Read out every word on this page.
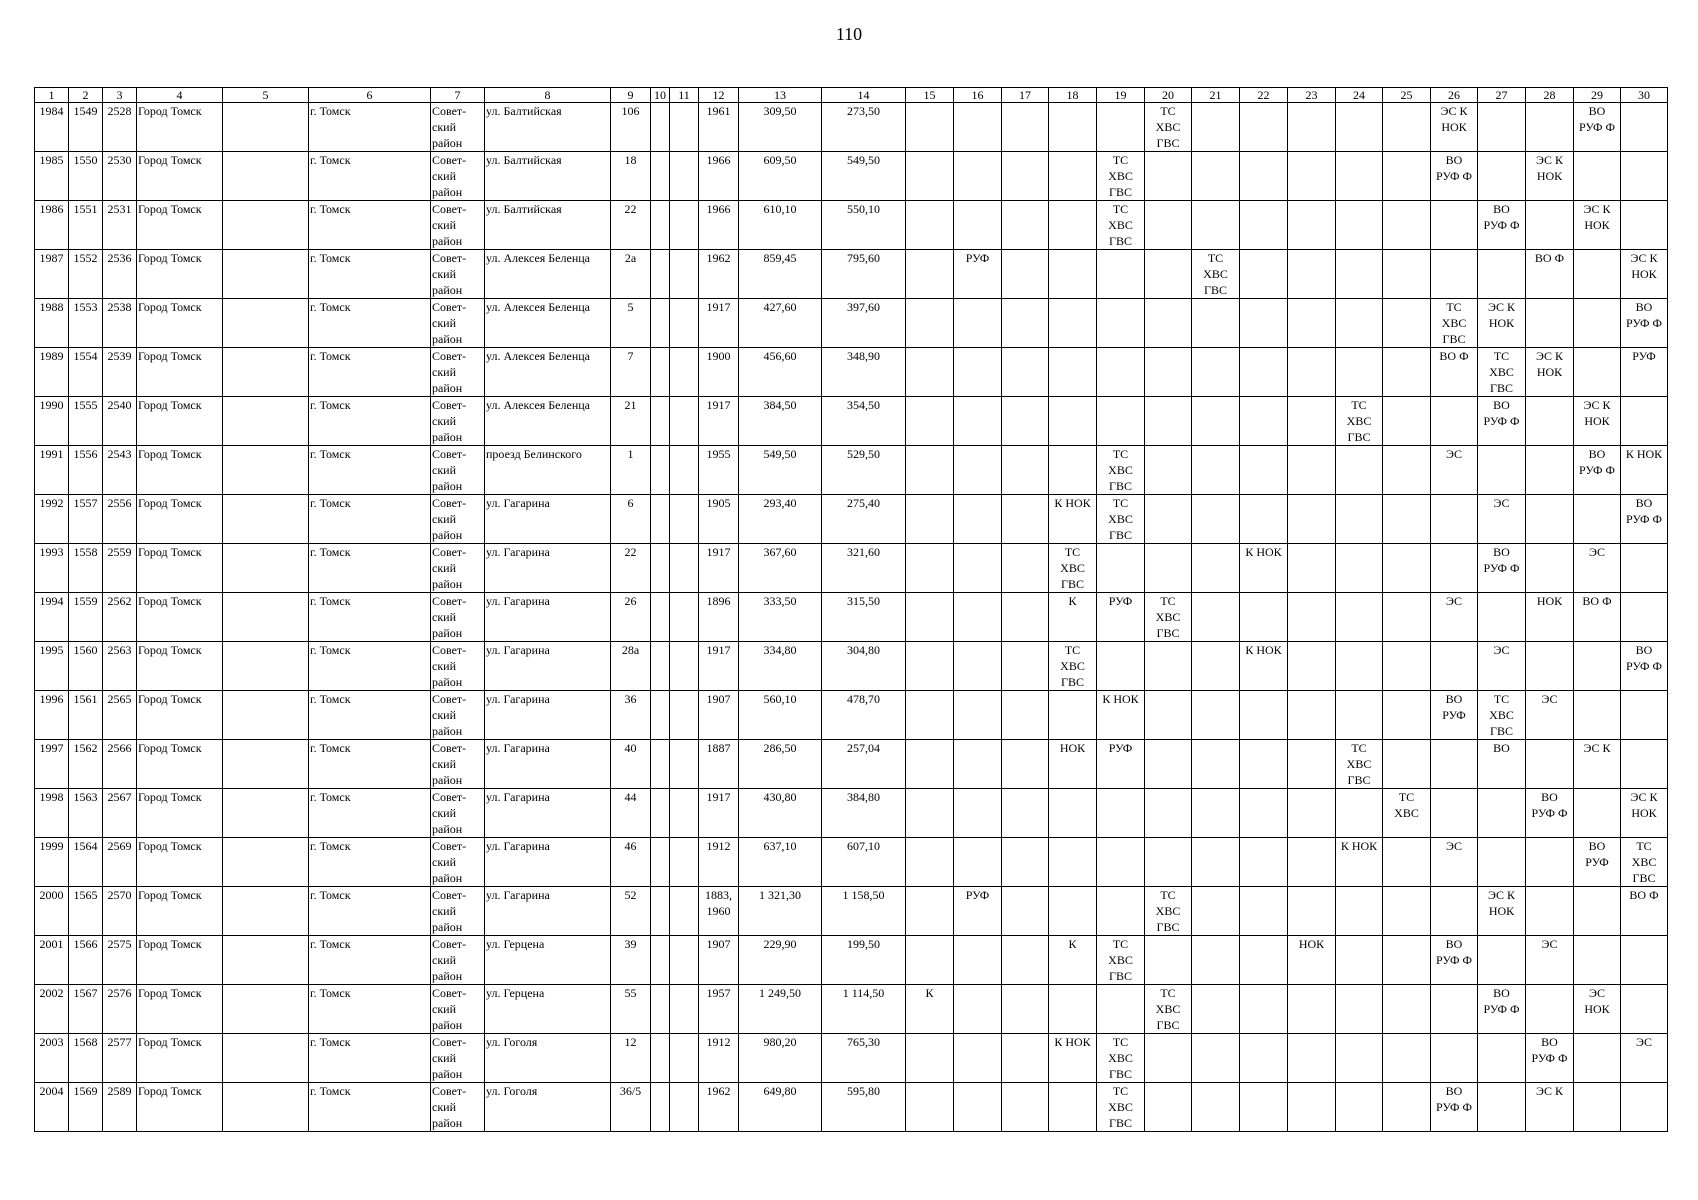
110
1	2	3	4	5	6	7	8	9	10	11	12	13	14	15	16	17	18	19	20	21	22	23	24	25	26	27	28	29	30
1984	1549	2528	Город Томск		г. Томск	Совет-
ский
район	ул. Балтийская	106			1961	309,50	273,50						ТС
ХВС
ГВС						ЭС К
НОК			ВО
РУФ Ф	
1985	1550	2530	Город Томск		г. Томск	Совет-
ский
район	ул. Балтийская	18			1966	609,50	549,50					ТС
ХВС
ГВС							ВО
РУФ Ф		ЭС К
НОК		
1986	1551	2531	Город Томск		г. Томск	Совет-
ский
район	ул. Балтийская	22			1966	610,10	550,10					ТС
ХВС
ГВС								ВО
РУФ Ф		ЭС К
НОК	
1987	1552	2536	Город Томск		г. Томск	Совет-
ский
район	ул. Алексея Беленца	2а			1962	859,45	795,60		РУФ					ТС
ХВС
ГВС							ВО Ф		ЭС К
НОК
1988	1553	2538	Город Томск		г. Томск	Совет-
ский
район	ул. Алексея Беленца	5			1917	427,60	397,60												ТС
ХВС
ГВС	ЭС К
НОК			ВО
РУФ Ф
1989	1554	2539	Город Томск		г. Томск	Совет-
ский
район	ул. Алексея Беленца	7			1900	456,60	348,90												ВО Ф	ТС
ХВС
ГВС	ЭС К
НОК		РУФ
1990	1555	2540	Город Томск		г. Томск	Совет-
ский
район	ул. Алексея Беленца	21			1917	384,50	354,50										ТС
ХВС
ГВС			ВО
РУФ Ф		ЭС К
НОК	
1991	1556	2543	Город Томск		г. Томск	Совет-
ский
район	проезд Белинского	1			1955	549,50	529,50					ТС
ХВС
ГВС							ЭС			ВО
РУФ Ф	К НОК
1992	1557	2556	Город Томск		г. Томск	Совет-
ский
район	ул. Гагарина	6			1905	293,40	275,40				К НОК	ТС
ХВС
ГВС								ЭС			ВО
РУФ Ф
1993	1558	2559	Город Томск		г. Томск	Совет-
ский
район	ул. Гагарина	22			1917	367,60	321,60				ТС
ХВС
ГВС				К НОК					ВО
РУФ Ф		ЭС	
1994	1559	2562	Город Томск		г. Томск	Совет-
ский
район	ул. Гагарина	26			1896	333,50	315,50				К	РУФ	ТС
ХВС
ГВС						ЭС		НОК	ВО Ф	
1995	1560	2563	Город Томск		г. Томск	Совет-
ский
район	ул. Гагарина	28а			1917	334,80	304,80				ТС
ХВС
ГВС				К НОК					ЭС			ВО
РУФ Ф
1996	1561	2565	Город Томск		г. Томск	Совет-
ский
район	ул. Гагарина	36			1907	560,10	478,70					К НОК							ВО
РУФ	ТС
ХВС
ГВС	ЭС		
1997	1562	2566	Город Томск		г. Томск	Совет-
ский
район	ул. Гагарина	40			1887	286,50	257,04				НОК	РУФ					ТС
ХВС
ГВС			ВО		ЭС К	
1998	1563	2567	Город Томск		г. Томск	Совет-
ский
район	ул. Гагарина	44			1917	430,80	384,80											ТС
ХВС			ВО
РУФ Ф		ЭС К
НОК
1999	1564	2569	Город Томск		г. Томск	Совет-
ский
район	ул. Гагарина	46			1912	637,10	607,10										К НОК		ЭС			ВО
РУФ	ТС
ХВС
ГВС
2000	1565	2570	Город Томск		г. Томск	Совет-
ский
район	ул. Гагарина	52			1883,
1960	1 321,30	1 158,50		РУФ				ТС
ХВС
ГВС							ЭС К
НОК			ВО Ф
2001	1566	2575	Город Томск		г. Томск	Совет-
ский
район	ул. Герцена	39			1907	229,90	199,50				К	ТС
ХВС
ГВС				НОК			ВО
РУФ Ф		ЭС		
2002	1567	2576	Город Томск		г. Томск	Совет-
ский
район	ул. Герцена	55			1957	1 249,50	1 114,50	К					ТС
ХВС
ГВС							ВО
РУФ Ф		ЭС
НОК	
2003	1568	2577	Город Томск		г. Томск	Совет-
ский
район	ул. Гоголя	12			1912	980,20	765,30				К НОК	ТС
ХВС
ГВС									ВО
РУФ Ф		ЭС
2004	1569	2589	Город Томск		г. Томск	Совет-
ский
район	ул. Гоголя	36/5			1962	649,80	595,80					ТС
ХВС
ГВС							ВО
РУФ Ф		ЭС К		
